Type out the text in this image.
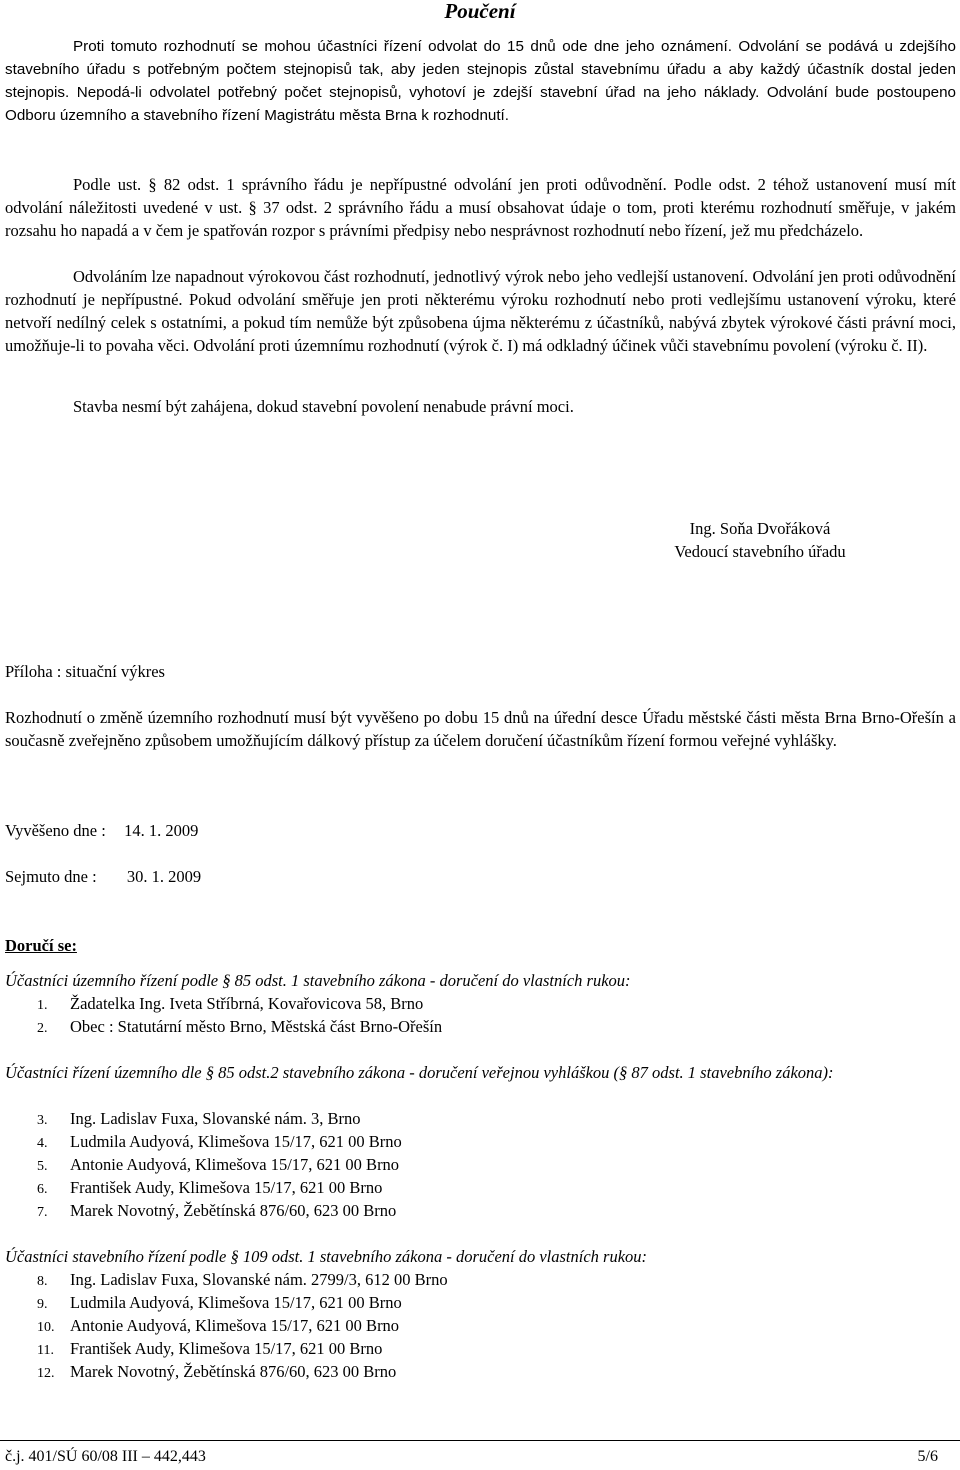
Poučení

Proti tomuto rozhodnutí se mohou účastníci řízení odvolat do 15 dnů ode dne jeho oznámení. Odvolání se podává u zdejšího stavebního úřadu s potřebným počtem stejnopisů tak, aby jeden stejnopis zůstal stavebnímu úřadu a aby každý účastník dostal jeden stejnopis. Nepodá-li odvolatel potřebný počet stejnopisů, vyhotoví je zdejší stavební úřad na jeho náklady. Odvolání bude postoupeno Odboru územního a stavebního řízení Magistrátu města Brna k rozhodnutí.

Podle ust. § 82 odst. 1 správního řádu je nepřípustné odvolání jen proti odůvodnění. Podle odst. 2 téhož ustanovení musí mít odvolání náležitosti uvedené v ust. § 37 odst. 2 správního řádu a musí obsahovat údaje o tom, proti kterému rozhodnutí směřuje, v jakém rozsahu ho napadá a v čem je spatřován rozpor s právními předpisy nebo nesprávnost rozhodnutí nebo řízení, jež mu předcházelo.

Odvoláním lze napadnout výrokovou část rozhodnutí, jednotlivý výrok nebo jeho vedlejší ustanovení. Odvolání jen proti odůvodnění rozhodnutí je nepřípustné. Pokud odvolání směřuje jen proti některému výroku rozhodnutí nebo proti vedlejšímu ustanovení výroku, které netvoří nedílný celek s ostatními, a pokud tím nemůže být způsobena újma některému z účastníků, nabývá zbytek výrokové části právní moci, umožňuje-li to povaha věci. Odvolání proti územnímu rozhodnutí (výrok č. I) má odkladný účinek vůči stavebnímu povolení (výroku č. II).

Stavba nesmí být zahájena, dokud stavební povolení nenabude právní moci.

Ing. Soňa Dvořáková
Vedoucí stavebního úřadu
Příloha : situační výkres

Rozhodnutí o změně územního rozhodnutí musí být vyvěšeno po dobu 15 dnů na úřední desce Úřadu městské části města Brna Brno-Ořešín a současně zveřejněno způsobem umožňujícím dálkový přístup za účelem doručení účastníkům řízení formou veřejné vyhlášky.

Vyvěšeno dne : 14. 1. 2009
Sejmuto dne : 30. 1. 2009
Doručí se:
Účastníci územního řízení podle § 85 odst. 1 stavebního zákona - doručení do vlastních rukou:
1. Žadatelka Ing. Iveta Stříbrná, Kovařovicova 58, Brno
2. Obec : Statutární město Brno, Městská část Brno-Ořešín
Účastníci řízení územního dle § 85 odst.2 stavebního zákona - doručení veřejnou vyhláškou (§ 87 odst. 1 stavebního zákona):
3. Ing. Ladislav Fuxa, Slovanské nám. 3, Brno
4. Ludmila Audyová, Klimešova 15/17, 621 00 Brno
5. Antonie Audyová, Klimešova 15/17, 621 00 Brno
6. František Audy, Klimešova 15/17, 621 00 Brno
7. Marek Novotný, Žebětínská 876/60, 623 00 Brno
Účastníci stavebního řízení podle § 109 odst. 1 stavebního zákona - doručení do vlastních rukou:
8. Ing. Ladislav Fuxa, Slovanské nám. 2799/3, 612 00 Brno
9. Ludmila Audyová, Klimešova 15/17, 621 00 Brno
10. Antonie Audyová, Klimešova 15/17, 621 00 Brno
11. František Audy, Klimešova 15/17, 621 00 Brno
12. Marek Novotný, Žebětínská 876/60, 623 00 Brno
č.j. 401/SÚ 60/08 III – 442,443	5/6
